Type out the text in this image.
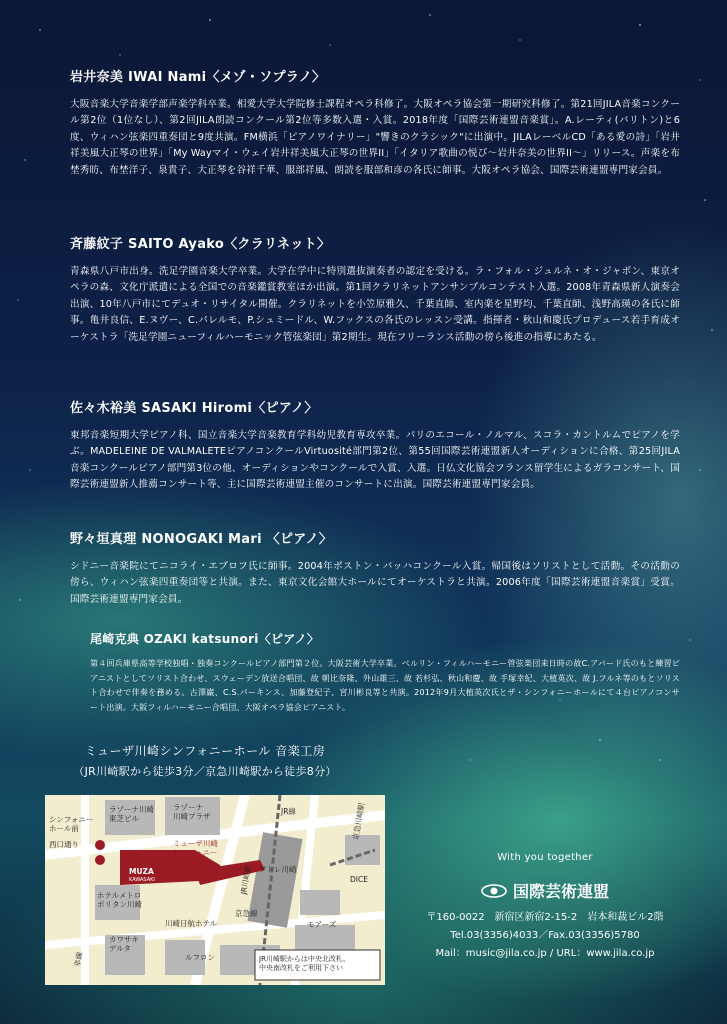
岩井奈美 IWAI Nami〈メゾ・ソプラノ〉

大阪音楽大学音楽学部声楽学科卒業。相愛大学大学院修士課程オペラ科修了。大阪オペラ協会第一期研究科修了。第21回JILA音楽コンクール第2位（1位なし）、第2回JILA朗読コンクール第2位等多数入選・入賞。2018年度「国際芸術連盟音楽賞」。A.レーティ(バリトン)と6度、ウィハン弦楽四重奏団と9度共演。FM横浜「ピアノワイナリー」"響きのクラシック"に出演中。JILAレーベルCD「ある愛の詩」「岩井祥美風大正琴の世界」「My Wayマイ・ウェイ岩井祥美風大正琴の世界II」「イタリア歌曲の悦び〜岩井奈美の世界II〜」リリース。声楽を布埜秀昉、布埜洋子、泉貴子、大正琴を谷祥千華、服部祥風、朗読を服部和彦の各氏に師事。大阪オペラ協会、国際芸術連盟専門家会員。

斉藤紋子 SAITO Ayako〈クラリネット〉

青森県八戸市出身。洗足学園音楽大学卒業。大学在学中に特別選抜演奏者の認定を受ける。ラ・フォル・ジュルネ・オ・ジャポン、東京オペラの森、文化庁派遣による全国での音楽鑑賞教室ほか出演。第1回クラリネットアンサンブルコンテスト入選。2008年青森県新人演奏会出演、10年八戸市にてデュオ・リサイタル開催。クラリネットを小笠原雅久、千葉直師、室内楽を星野均、千葉直師、浅野高瑛の各氏に師事。亀井良信、E.ヌヴー、C.パレルモ、P.シュミードル、W.フックスの各氏のレッスン受講。指揮者・秋山和慶氏プロデュース若手育成オーケストラ「洗足学園ニューフィルハーモニック管弦楽団」第2期生。現在フリーランス活動の傍ら後進の指導にあたる。

佐々木裕美 SASAKI Hiromi〈ピアノ〉

東邦音楽短期大学ピアノ科、国立音楽大学音楽教育学科幼児教育専攻卒業。パリのエコール・ノルマル、スコラ・カントルムでピアノを学ぶ。MADELEINE DE VALMALETEピアノコンクールVirtuosité部門第2位、第55回国際芸術連盟新人オーディションに合格、第25回JILA音楽コンクールピアノ部門第3位の他、オーディションやコンクールで入賞、入選。日仏文化協会フランス留学生によるガラコンサート、国際芸術連盟新人推薦コンサート等、主に国際芸術連盟主催のコンサートに出演。国際芸術連盟専門家会員。

野々垣真理 NONOGAKI Mari 〈ピアノ〉

シドニー音楽院にてニコライ・エブロフ氏に師事。2004年ボストン・バッハコンクール入賞。帰国後はソリストとして活動。その活動の傍ら、ウィハン弦楽四重奏団等と共演。また、東京文化会館大ホールにてオーケストラと共演。2006年度「国際芸術連盟音楽賞」受賞。国際芸術連盟専門家会員。

尾崎克典 OZAKI katsunori〈ピアノ〉

第４回兵庫県高等学校独唱・独奏コンクールピアノ部門第２位。大阪芸術大学卒業。ベルリン・フィルハーモニー管弦楽団来日時の故C.アバード氏のもと練習ピアニストとしてソリスト合わせ、スウェーデン放送合唱団、故 朝比奈隆、外山雄三、故 若杉弘、秋山和慶、故 手塚幸紀、大植英次、故 J.フルネ等のもとソリスト合わせで伴奏を務める。古澤巌、C.S.パーキンス、加藤登紀子、宮川彬良等と共演。2012年9月大植英次氏とザ・シンフォニーホールにて４台ピアノコンサート出演。大阪フィルハーモニー合唱団、大阪オペラ協会ピアニスト。

ミューザ川崎シンフォニーホール 音楽工房
（JR川崎駅から徒歩3分／京急川崎駅から徒歩8分）

ラゾーナ川崎
東芝ビル

ラゾーナ
川崎プラザ

JR線

シンフォニー
ホール前

西口通り	ミューザ川崎
シンフォニー
ホール

MUZA

KAWASAKI	JR川崎駅

京急川崎駅

アトレ川崎

DICE

ホテルメトロ
ポリタン川崎

川崎日航ホテル

カワサキ
デルタ

京急線

モアーズ

ルフロン

幸線	JR川崎駅からは中央北改札、
中央南改札をご利用下さい

With you together
国際芸術連盟
〒160-0022　新宿区新宿2-15-2　岩本和裁ビル2階
Tel.03(3356)4033／Fax.03(3356)5780
Mail：music@jila.co.jp / URL：www.jila.co.jp
